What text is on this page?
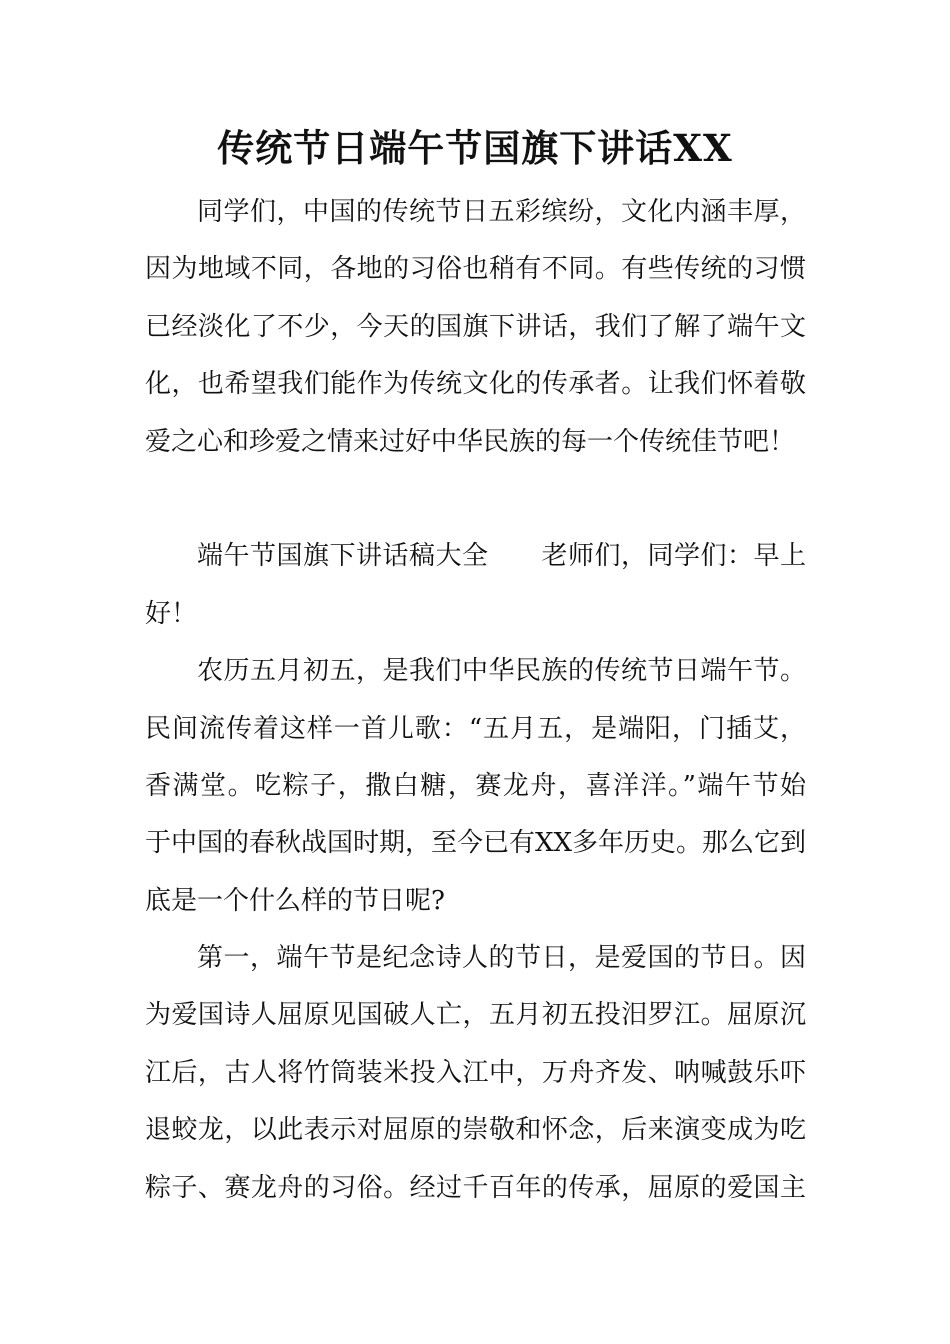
传统节日端午节国旗下讲话XX
同学们，中国的传统节日五彩缤纷，文化内涵丰厚，
因为地域不同，各地的习俗也稍有不同。有些传统的习惯
已经淡化了不少，今天的国旗下讲话，我们了解了端午文
化，也希望我们能作为传统文化的传承者。让我们怀着敬
爱之心和珍爱之情来过好中华民族的每一个传统佳节吧！
端午节国旗下讲话稿大全　　老师们，同学们：早上
好！
农历五月初五，是我们中华民族的传统节日端午节。
民间流传着这样一首儿歌：“五月五，是端阳，门插艾，
香满堂。吃粽子，撒白糖，赛龙舟，喜洋洋。”端午节始
于中国的春秋战国时期，至今已有XX多年历史。那么它到
底是一个什么样的节日呢?
第一，端午节是纪念诗人的节日，是爱国的节日。因
为爱国诗人屈原见国破人亡，五月初五投汨罗江。屈原沉
江后，古人将竹筒装米投入江中，万舟齐发、呐喊鼓乐吓
退蛟龙，以此表示对屈原的崇敬和怀念，后来演变成为吃
粽子、赛龙舟的习俗。经过千百年的传承，屈原的爱国主
